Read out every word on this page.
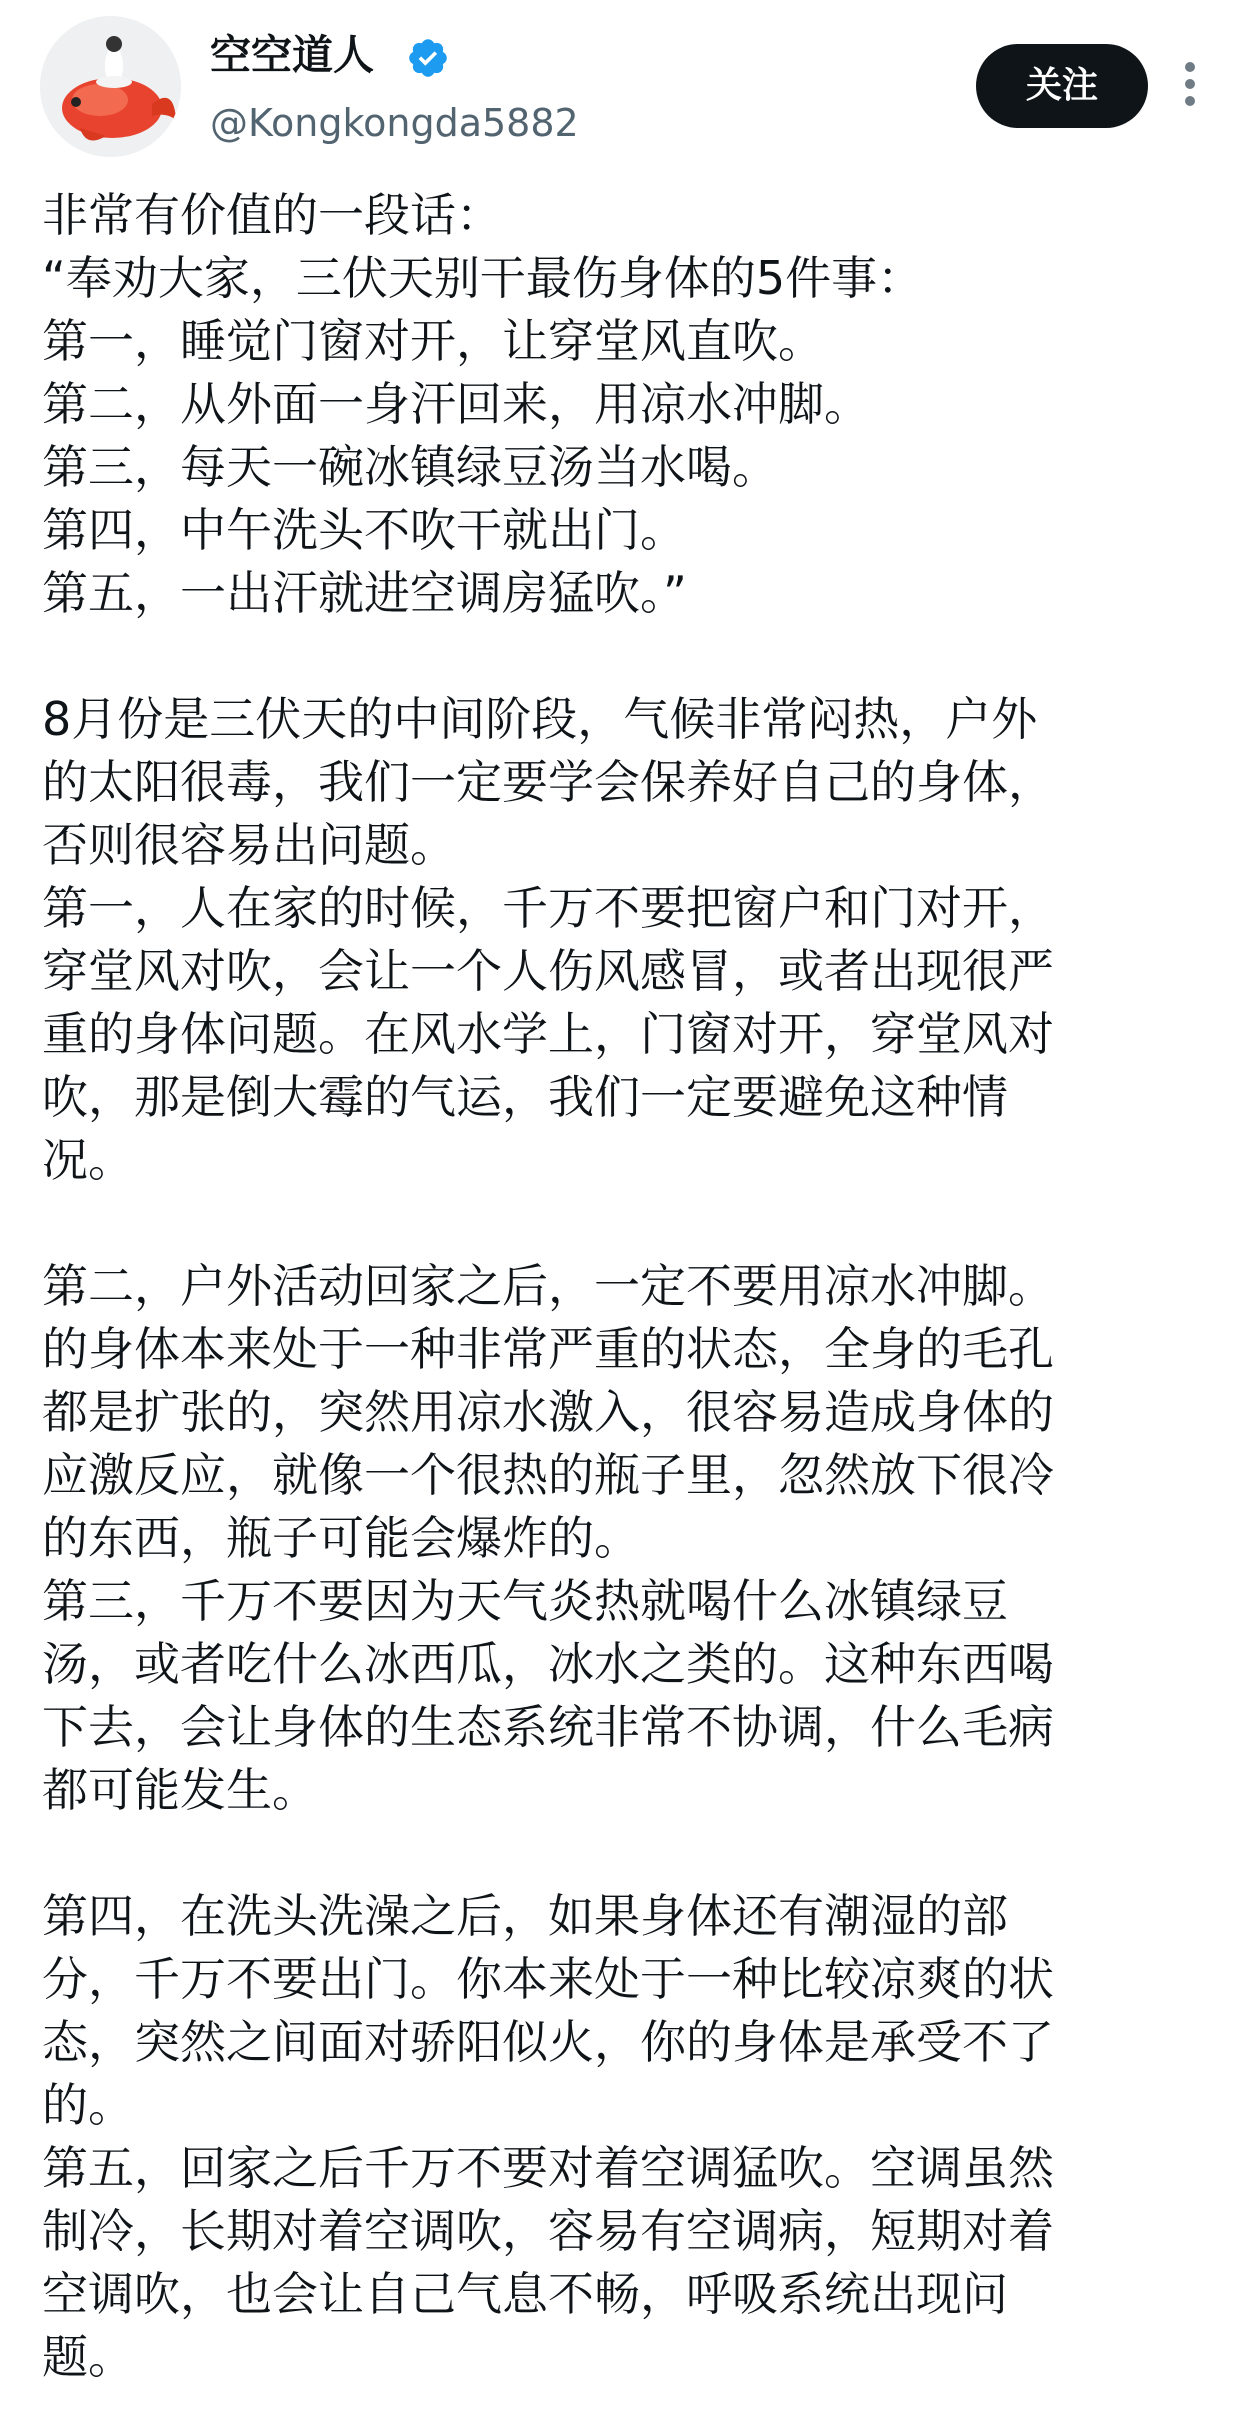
空空道人
@Kongkongda5882
关注
非常有价值的一段话：
“奉劝大家，三伏天别干最伤身体的5件事：
第一，睡觉门窗对开，让穿堂风直吹。
第二，从外面一身汗回来，用凉水冲脚。
第三，每天一碗冰镇绿豆汤当水喝。
第四，中午洗头不吹干就出门。
第五，一出汗就进空调房猛吹。”
8月份是三伏天的中间阶段，气候非常闷热，户外
的太阳很毒，我们一定要学会保养好自己的身体，
否则很容易出问题。
第一，人在家的时候，千万不要把窗户和门对开，
穿堂风对吹，会让一个人伤风感冒，或者出现很严
重的身体问题。在风水学上，门窗对开，穿堂风对
吹，那是倒大霉的气运，我们一定要避免这种情
况。
第二，户外活动回家之后，一定不要用凉水冲脚。
的身体本来处于一种非常严重的状态，全身的毛孔
都是扩张的，突然用凉水激入，很容易造成身体的
应激反应，就像一个很热的瓶子里，忽然放下很冷
的东西，瓶子可能会爆炸的。
第三，千万不要因为天气炎热就喝什么冰镇绿豆
汤，或者吃什么冰西瓜，冰水之类的。这种东西喝
下去，会让身体的生态系统非常不协调，什么毛病
都可能发生。
第四，在洗头洗澡之后，如果身体还有潮湿的部
分，千万不要出门。你本来处于一种比较凉爽的状
态，突然之间面对骄阳似火，你的身体是承受不了
的。
第五，回家之后千万不要对着空调猛吹。空调虽然
制冷，长期对着空调吹，容易有空调病，短期对着
空调吹，也会让自己气息不畅，呼吸系统出现问
题。
